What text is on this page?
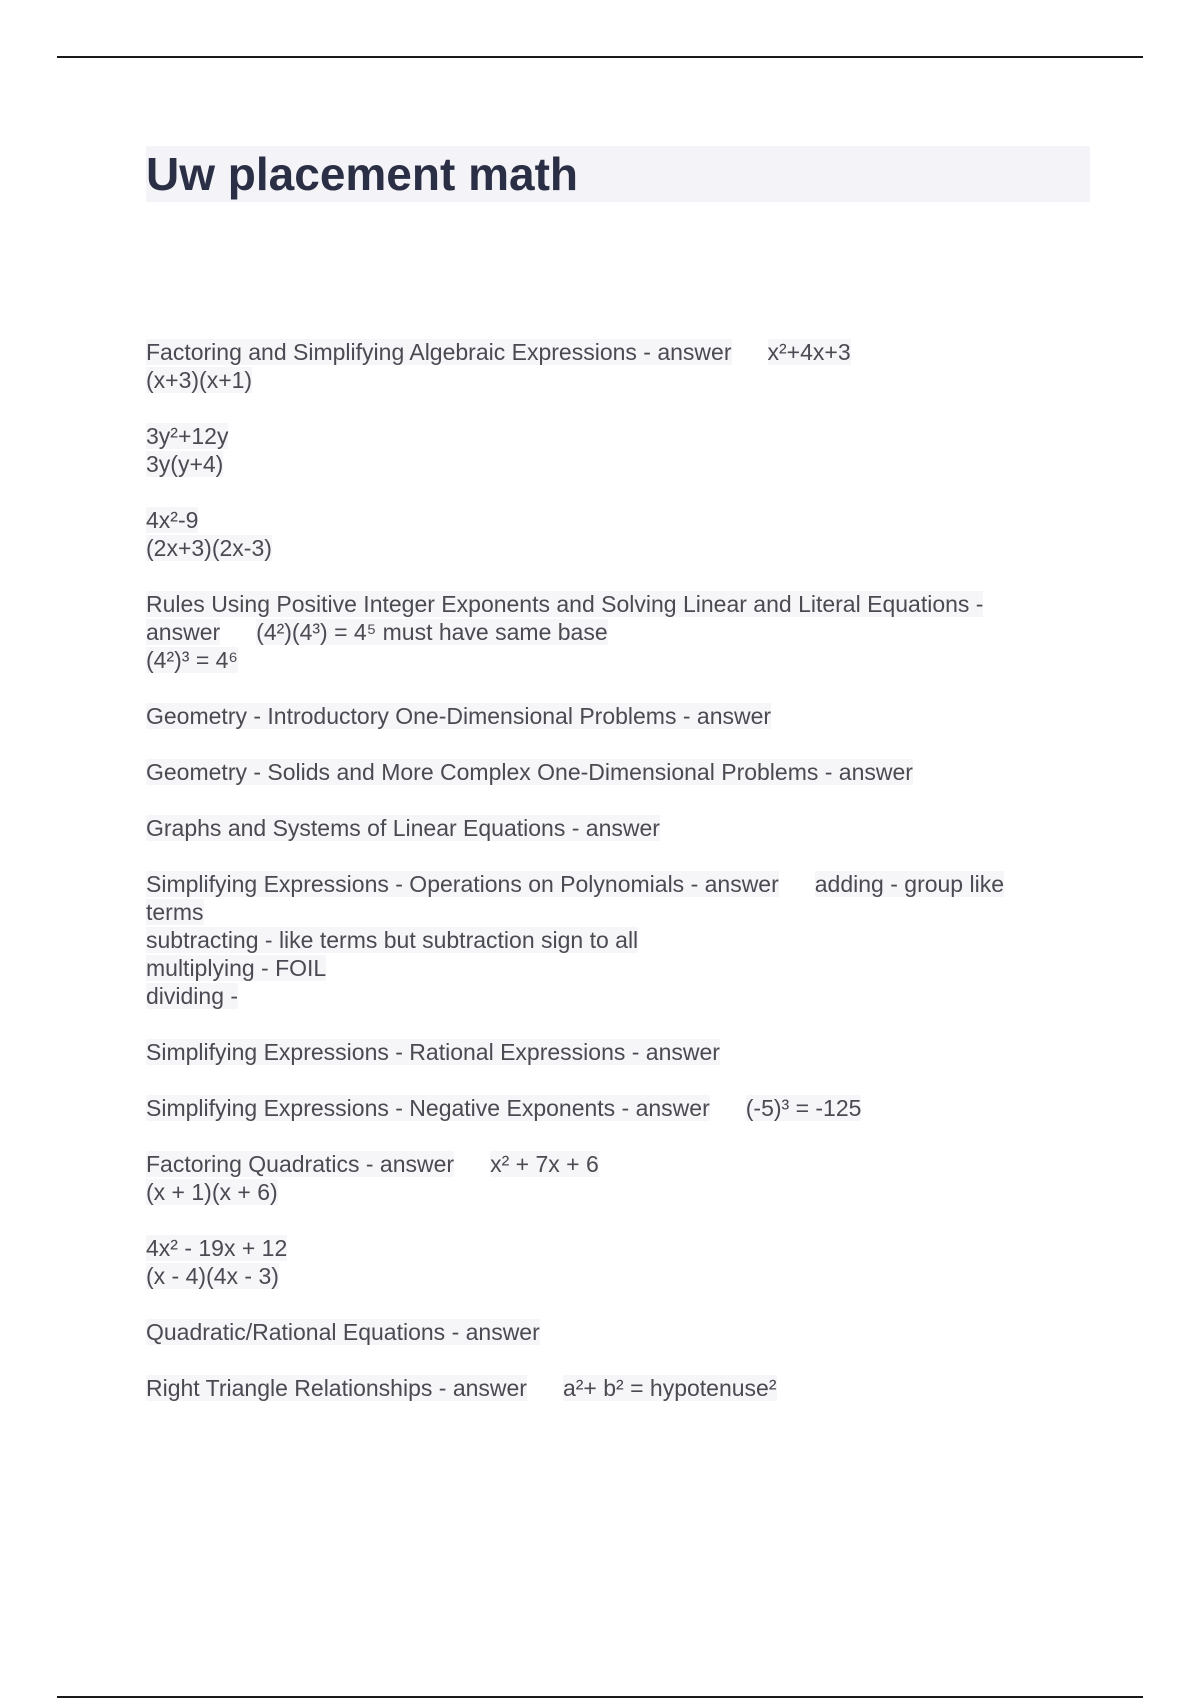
Uw placement math
Factoring and Simplifying Algebraic Expressions - answer x²+4x+3
(x+3)(x+1)
3y²+12y
3y(y+4)
4x²-9
(2x+3)(2x-3)
Rules Using Positive Integer Exponents and Solving Linear and Literal Equations -
answer (4²)(4³) = 4⁵ must have same base
(4²)³ = 4⁶
Geometry - Introductory One-Dimensional Problems - answer
Geometry - Solids and More Complex One-Dimensional Problems - answer
Graphs and Systems of Linear Equations - answer
Simplifying Expressions - Operations on Polynomials - answer adding - group like
terms
subtracting - like terms but subtraction sign to all
multiplying - FOIL
dividing -
Simplifying Expressions - Rational Expressions - answer
Simplifying Expressions - Negative Exponents - answer (-5)³ = -125
Factoring Quadratics - answer x² + 7x + 6
(x + 1)(x + 6)
4x² - 19x + 12
(x - 4)(4x - 3)
Quadratic/Rational Equations - answer
Right Triangle Relationships - answer a²+ b² = hypotenuse²
